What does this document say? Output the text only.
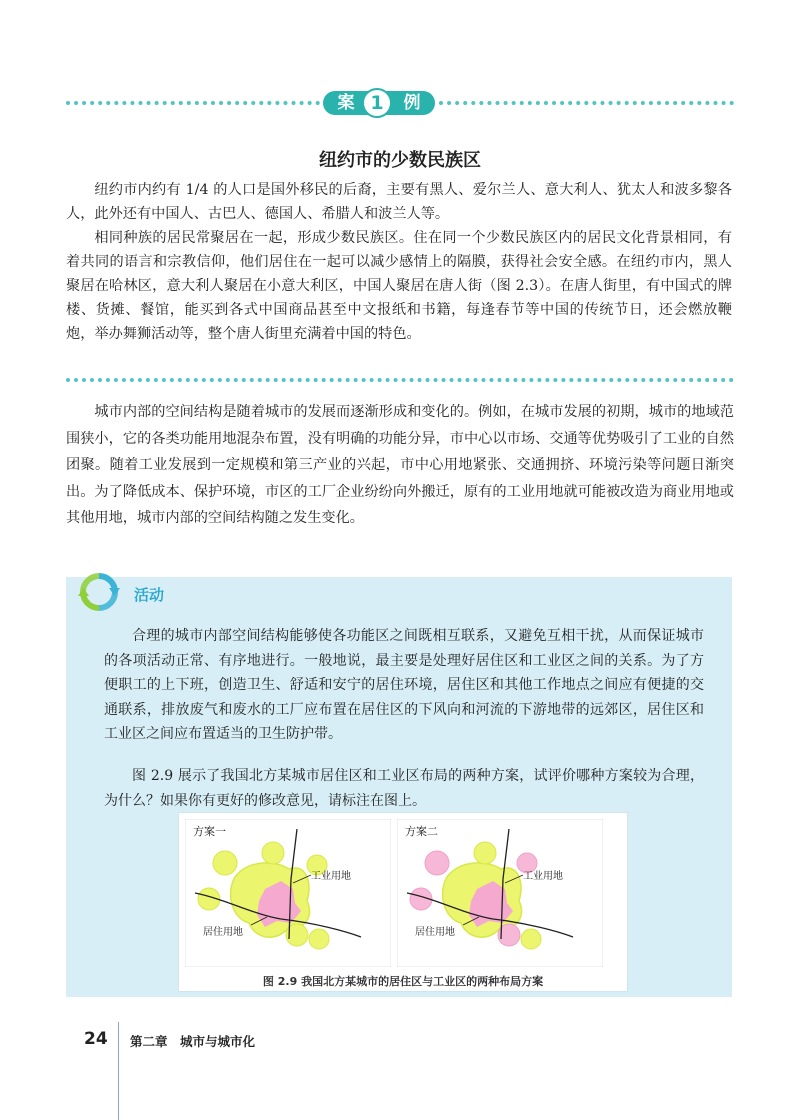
案 1	例
纽约市的少数民族区

纽约市内约有 1/4 的人口是国外移民的后裔，主要有黑人、爱尔兰人、意大利人、犹太人和波多黎各人，此外还有中国人、古巴人、德国人、希腊人和波兰人等。

相同种族的居民常聚居在一起，形成少数民族区。住在同一个少数民族区内的居民文化背景相同，有着共同的语言和宗教信仰，他们居住在一起可以减少感情上的隔膜，获得社会安全感。在纽约市内，黑人聚居在哈林区，意大利人聚居在小意大利区，中国人聚居在唐人街（图 2.3）。在唐人街里，有中国式的牌楼、货摊、餐馆，能买到各式中国商品甚至中文报纸和书籍，每逢春节等中国的传统节日，还会燃放鞭炮，举办舞狮活动等，整个唐人街里充满着中国的特色。

城市内部的空间结构是随着城市的发展而逐渐形成和变化的。例如，在城市发展的初期，城市的地域范围狭小，它的各类功能用地混杂布置，没有明确的功能分异，市中心以市场、交通等优势吸引了工业的自然团聚。随着工业发展到一定规模和第三产业的兴起，市中心用地紧张、交通拥挤、环境污染等问题日渐突出。为了降低成本、保护环境，市区的工厂企业纷纷向外搬迁，原有的工业用地就可能被改造为商业用地或其他用地，城市内部的空间结构随之发生变化。

活动

合理的城市内部空间结构能够使各功能区之间既相互联系，又避免互相干扰，从而保证城市的各项活动正常、有序地进行。一般地说，最主要是处理好居住区和工业区之间的关系。为了方便职工的上下班，创造卫生、舒适和安宁的居住环境，居住区和其他工作地点之间应有便捷的交通联系，排放废气和废水的工厂应布置在居住区的下风向和河流的下游地带的远郊区，居住区和工业区之间应布置适当的卫生防护带。

图 2.9 展示了我国北方某城市居住区和工业区布局的两种方案，试评价哪种方案较为合理，为什么？如果你有更好的修改意见，请标注在图上。

工业用地
居住用地
方案一
工业用地
居住用地
方案二
图 2.9 我国北方某城市的居住区与工业区的两种布局方案
24 第二章　城市与城市化
